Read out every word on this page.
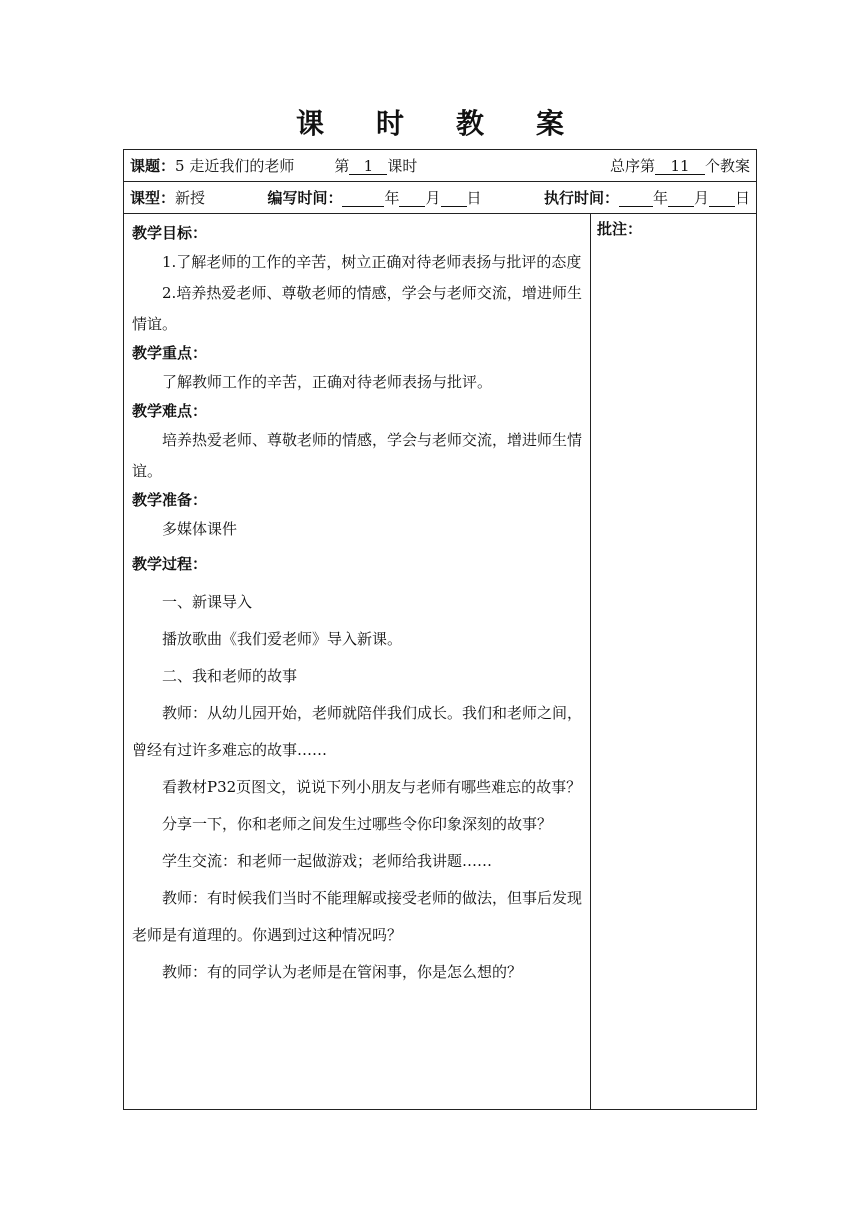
课 时 教 案
课题：5 走近我们的老师	第 1 课时	总序第 11 个教案

课型：新授	编写时间：	年 月 日	执行时间： 年 月 日

教学目标：

1.了解老师的工作的辛苦，树立正确对待老师表扬与批评的态度

2.培养热爱老师、尊敬老师的情感，学会与老师交流，增进师生情谊。

教学重点：

了解教师工作的辛苦，正确对待老师表扬与批评。

教学难点：

培养热爱老师、尊敬老师的情感，学会与老师交流，增进师生情谊。

教学准备：

多媒体课件

教学过程：

一、新课导入

播放歌曲《我们爱老师》导入新课。

二、我和老师的故事

教师：从幼儿园开始，老师就陪伴我们成长。我们和老师之间，曾经有过许多难忘的故事……

看教材P32页图文，说说下列小朋友与老师有哪些难忘的故事？

分享一下，你和老师之间发生过哪些令你印象深刻的故事？

学生交流：和老师一起做游戏；老师给我讲题……

教师：有时候我们当时不能理解或接受老师的做法，但事后发现老师是有道理的。你遇到过这种情况吗？

教师：有的同学认为老师是在管闲事，你是怎么想的？

	批注：
